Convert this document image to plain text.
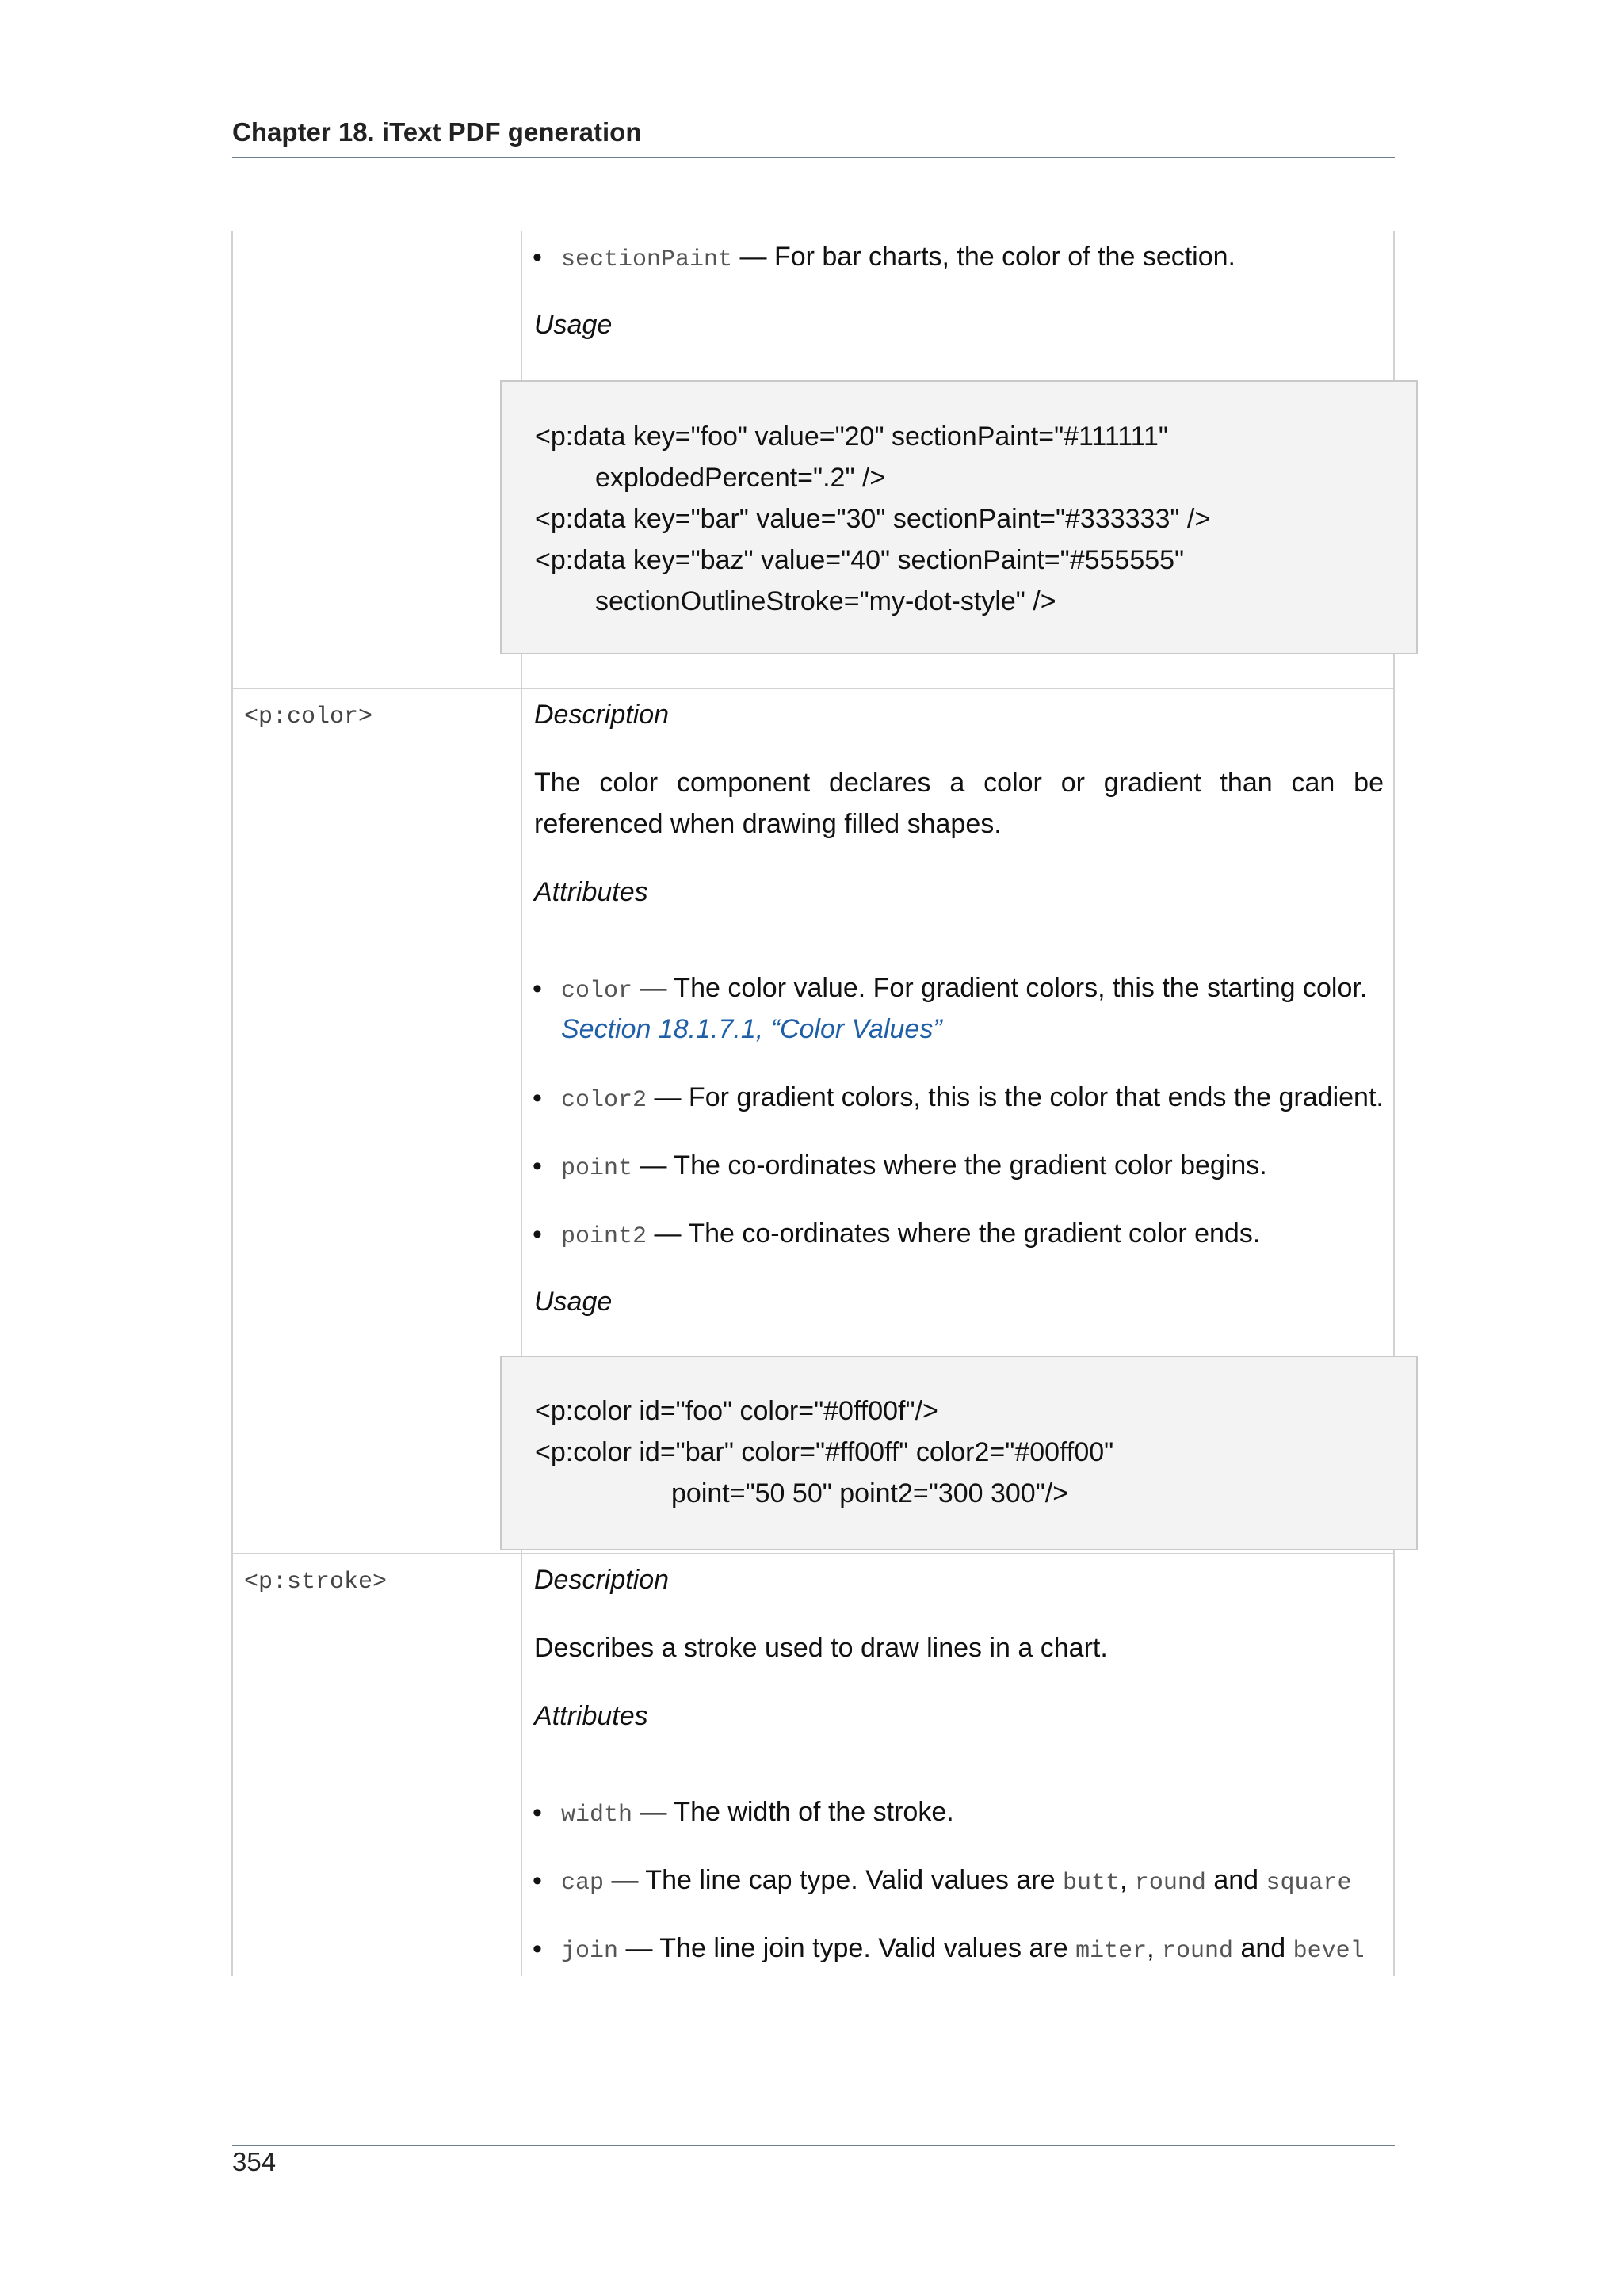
Chapter 18. iText PDF generation
• sectionPaint — For bar charts, the color of the section.
Usage
<p:data key="foo" value="20" sectionPaint="#111111"
explodedPercent=".2" />
<p:data key="bar" value="30" sectionPaint="#333333" />
<p:data key="baz" value="40" sectionPaint="#555555"
sectionOutlineStroke="my-dot-style" />
<p:color>	Description
The color component declares a color or gradient than can be referenced when drawing filled shapes.
Attributes
• color — The color value. For gradient colors, this the starting color.
Section 18.1.7.1, “Color Values”
• color2 — For gradient colors, this is the color that ends the gradient.
• point — The co-ordinates where the gradient color begins.
• point2 — The co-ordinates where the gradient color ends.
Usage
<p:color id="foo" color="#0ff00f"/>
<p:color id="bar" color="#ff00ff" color2="#00ff00"
point="50 50" point2="300 300"/>
<p:stroke>	Description
Describes a stroke used to draw lines in a chart.
Attributes
• width — The width of the stroke.
• cap — The line cap type. Valid values are butt, round and square
• join — The line join type. Valid values are miter, round and bevel
354
